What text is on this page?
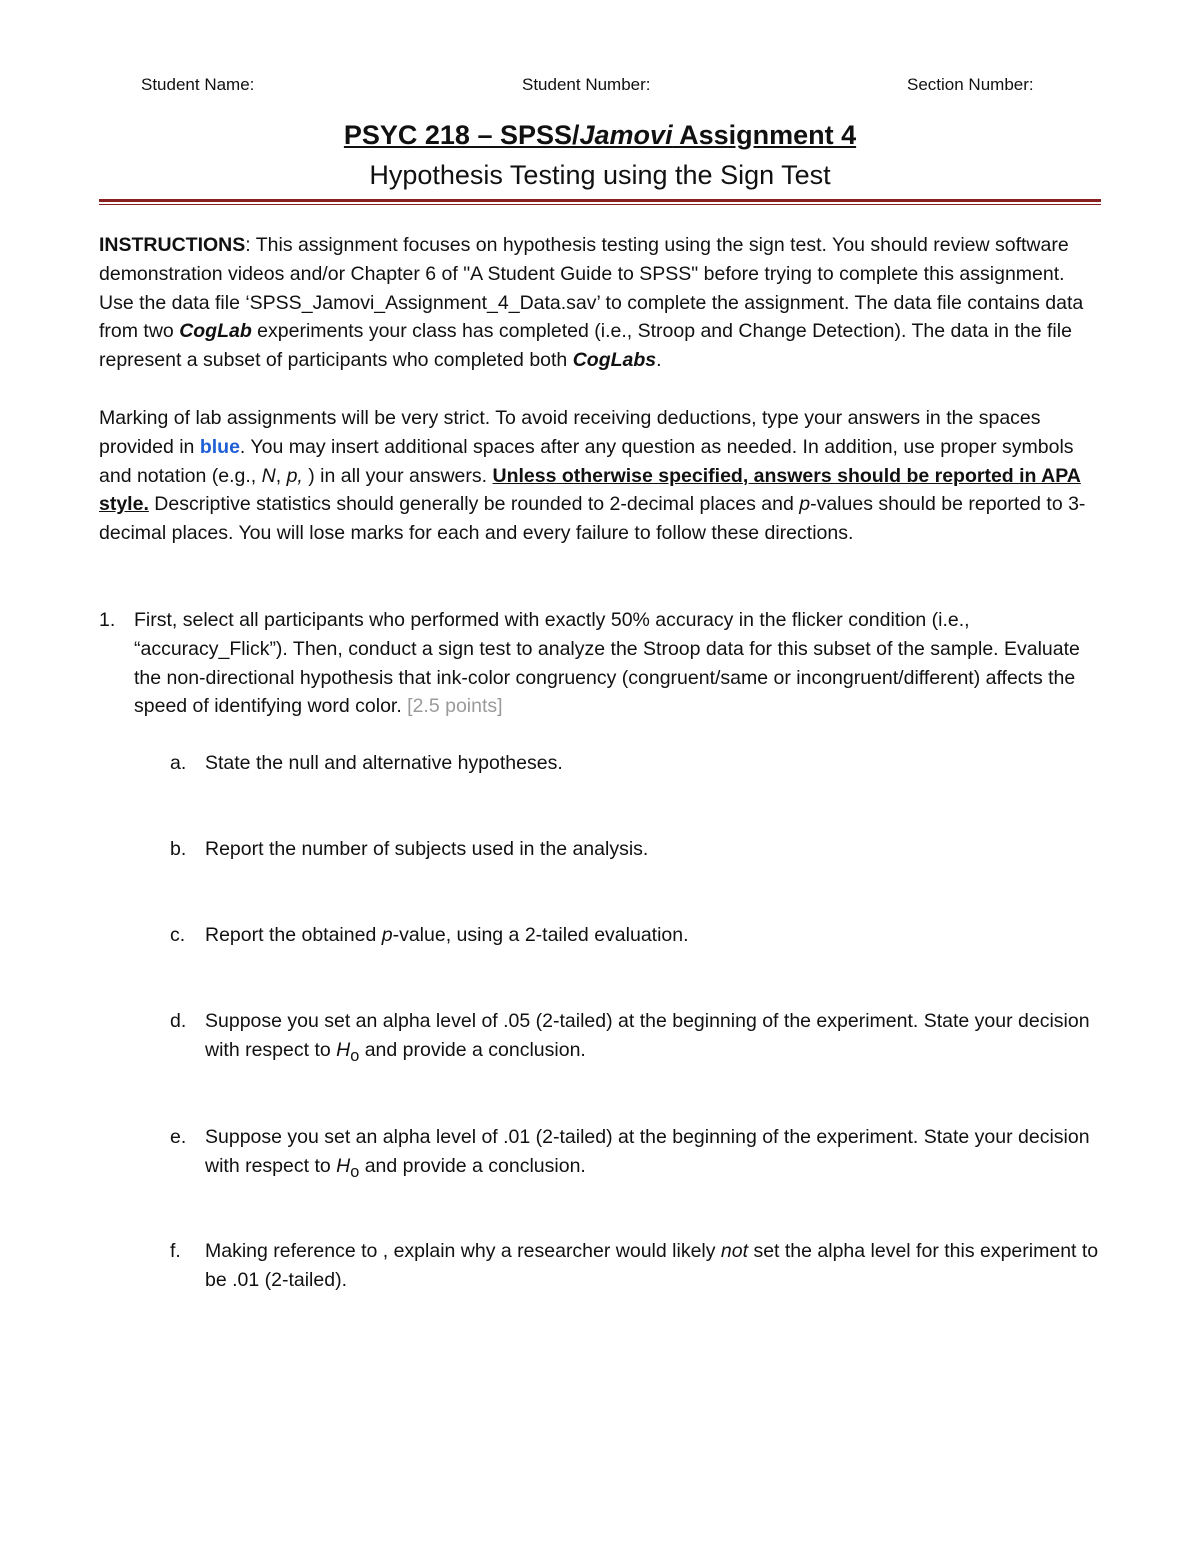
Student Name:	Student Number:	Section Number:
PSYC 218 – SPSS/Jamovi Assignment 4
Hypothesis Testing using the Sign Test
INSTRUCTIONS: This assignment focuses on hypothesis testing using the sign test. You should review software demonstration videos and/or Chapter 6 of "A Student Guide to SPSS" before trying to complete this assignment. Use the data file ‘SPSS_Jamovi_Assignment_4_Data.sav’ to complete the assignment. The data file contains data from two CogLab experiments your class has completed (i.e., Stroop and Change Detection). The data in the file represent a subset of participants who completed both CogLabs.
Marking of lab assignments will be very strict. To avoid receiving deductions, type your answers in the spaces provided in blue. You may insert additional spaces after any question as needed. In addition, use proper symbols and notation (e.g., N, p, ) in all your answers. Unless otherwise specified, answers should be reported in APA style. Descriptive statistics should generally be rounded to 2-decimal places and p-values should be reported to 3-decimal places. You will lose marks for each and every failure to follow these directions.
1. First, select all participants who performed with exactly 50% accuracy in the flicker condition (i.e., “accuracy_Flick”). Then, conduct a sign test to analyze the Stroop data for this subset of the sample. Evaluate the non-directional hypothesis that ink-color congruency (congruent/same or incongruent/different) affects the speed of identifying word color. [2.5 points]
a. State the null and alternative hypotheses.
b. Report the number of subjects used in the analysis.
c. Report the obtained p-value, using a 2-tailed evaluation.
d. Suppose you set an alpha level of .05 (2-tailed) at the beginning of the experiment. State your decision with respect to $H_o$ and provide a conclusion.
e. Suppose you set an alpha level of .01 (2-tailed) at the beginning of the experiment. State your decision with respect to $H_o$ and provide a conclusion.
f. Making reference to , explain why a researcher would likely not set the alpha level for this experiment to be .01 (2-tailed).
